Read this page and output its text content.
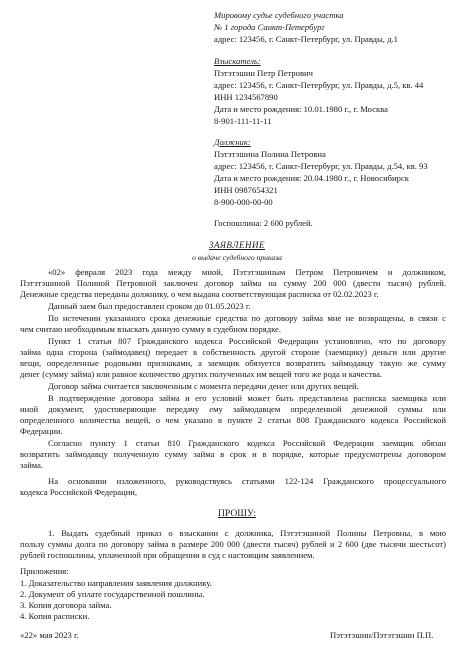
Мировому судье судебного участка
№ 1 города Санкт-Петербург
адрес: 123456, г. Санкт-Петербург, ул. Правды, д.1
Взыскатель:
Пэтэтэшин Петр Петрович
адрес: 123456, г. Санкт-Петербург, ул. Правды, д.5, кв. 44
ИНН 1234567890
Дата и место рождения: 10.01.1980 г., г. Москва
8-901-111-11-11
Должник:
Пэтэтэшина Полина Петровна
адрес: 123456, г. Санкт-Петербург, ул. Правды, д.54, кв. 93
Дата и место рождения: 20.04.1980 г., г. Новосибирск
ИНН 0987654321
8-900-000-00-00
Госпошлина: 2 600 рублей.
ЗАЯВЛЕНИЕ
о выдаче судебного приказа
«02» февраля 2023 года между мной, Пэтэтэшиным Петром Петровичем и должником,
Пэтэтэшиной Полиной Петровной заключен договор займа на сумму 200 000 (двести тысяч) рублей.
Денежные средства переданы должнику, о чем выдана соответствующая расписка от 02.02.2023 г.
Данный заем был предоставлен сроком до 01.05.2023 г.
По истечении указанного срока денежные средства по договору займа мне не возвращены, в связи с
чем считаю необходимым взыскать данную сумму в судебном порядке.
Пункт 1 статьи 807 Гражданского кодекса Российской Федерации установлено, что по договору
займа одна сторона (займодавец) передает в собственность другой стороне (заемщику) деньги или другие
вещи, определенные родовыми признаками, а заемщик обязуется возвратить займодавцу такую же сумму
денег (сумму займа) или равное количество других полученных им вещей того же рода и качества.
Договор займа считается заключенным с момента передачи денег или других вещей.
В подтверждение договора займа и его условий может быть представлена расписка заемщика или
иной документ, удостоверяющие передачу ему займодавцем определенной денежной суммы или
определенного количества вещей, о чем указано в пункте 2 статьи 808 Гражданского кодекса Российской
Федерации.
Согласно пункту 1 статьи 810 Гражданского кодекса Российской Федерации заемщик обязан
возвратить займодавцу полученную сумму займа в срок и в порядке, которые предусмотрены договором
займа.
На основании изложенного, руководствуясь статьями 122-124 Гражданского процессуального
кодекса Российской Федерации,
ПРОШУ:
1. Выдать судебный приказ о взыскании с должника, Пэтэтэшиной Полины Петровны, в мою
пользу суммы долга по договору займа в размере 200 000 (двести тысяч) рублей и 2 600 (две тысячи шестьсот)
рублей госпошлины, уплаченной при обращении в суд с настоящим заявлением.
Приложения:
1. Доказательство направления заявления должнику.
2. Документ об уплате государственной пошлины.
3. Копия договора займа.
4. Копия расписки.
«22» мая 2023 г.	Пэтэтэшин/Пэтэтэшин П.П.
